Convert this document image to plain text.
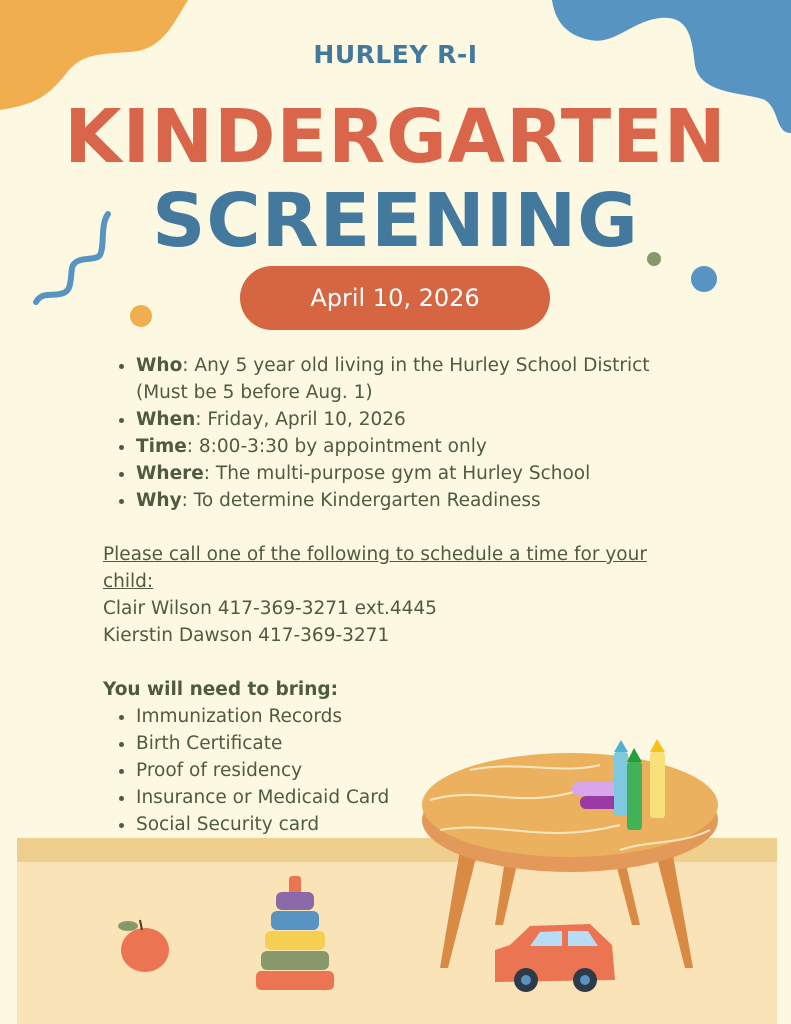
HURLEY R-I
KINDERGARTEN
SCREENING
April 10, 2026
• Who: Any 5 year old living in the Hurley School District (Must be 5 before Aug. 1)
• When: Friday, April 10, 2026
• Time: 8:00-3:30 by appointment only
• Where: The multi-purpose gym at Hurley School
• Why: To determine Kindergarten Readiness
Please call one of the following to schedule a time for your child:
Clair Wilson 417-369-3271 ext.4445
Kierstin Dawson 417-369-3271
You will need to bring:
• Immunization Records
• Birth Certificate
• Proof of residency
• Insurance or Medicaid Card
• Social Security card
